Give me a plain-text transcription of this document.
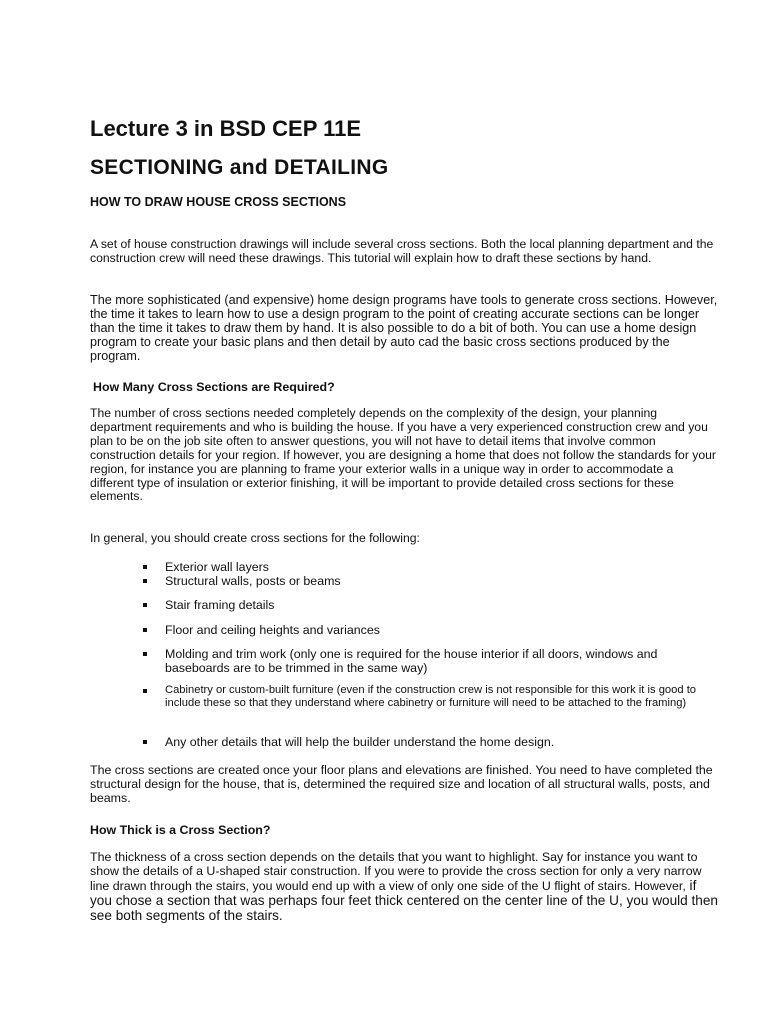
Lecture 3 in BSD CEP 11E
SECTIONING and DETAILING
HOW TO DRAW HOUSE CROSS SECTIONS

A set of house construction drawings will include several cross sections. Both the local planning department and the construction crew will need these drawings. This tutorial will explain how to draft these sections by hand.

The more sophisticated (and expensive) home design programs have tools to generate cross sections. However, the time it takes to learn how to use a design program to the point of creating accurate sections can be longer than the time it takes to draw them by hand. It is also possible to do a bit of both. You can use a home design program to create your basic plans and then detail by auto cad the basic cross sections produced by the program.

How Many Cross Sections are Required?

The number of cross sections needed completely depends on the complexity of the design, your planning department requirements and who is building the house. If you have a very experienced construction crew and you plan to be on the job site often to answer questions, you will not have to detail items that involve common construction details for your region. If however, you are designing a home that does not follow the standards for your region, for instance you are planning to frame your exterior walls in a unique way in order to accommodate a different type of insulation or exterior finishing, it will be important to provide detailed cross sections for these elements.

In general, you should create cross sections for the following:

Exterior wall layers
Structural walls, posts or beams
Stair framing details
Floor and ceiling heights and variances
Molding and trim work (only one is required for the house interior if all doors, windows and baseboards are to be trimmed in the same way)
Cabinetry or custom-built furniture (even if the construction crew is not responsible for this work it is good to include these so that they understand where cabinetry or furniture will need to be attached to the framing)
Any other details that will help the builder understand the home design.

The cross sections are created once your floor plans and elevations are finished. You need to have completed the structural design for the house, that is, determined the required size and location of all structural walls, posts, and beams.

How Thick is a Cross Section?

The thickness of a cross section depends on the details that you want to highlight. Say for instance you want to show the details of a U-shaped stair construction. If you were to provide the cross section for only a very narrow line drawn through the stairs, you would end up with a view of only one side of the U flight of stairs. However, if you chose a section that was perhaps four feet thick centered on the center line of the U, you would then see both segments of the stairs.
